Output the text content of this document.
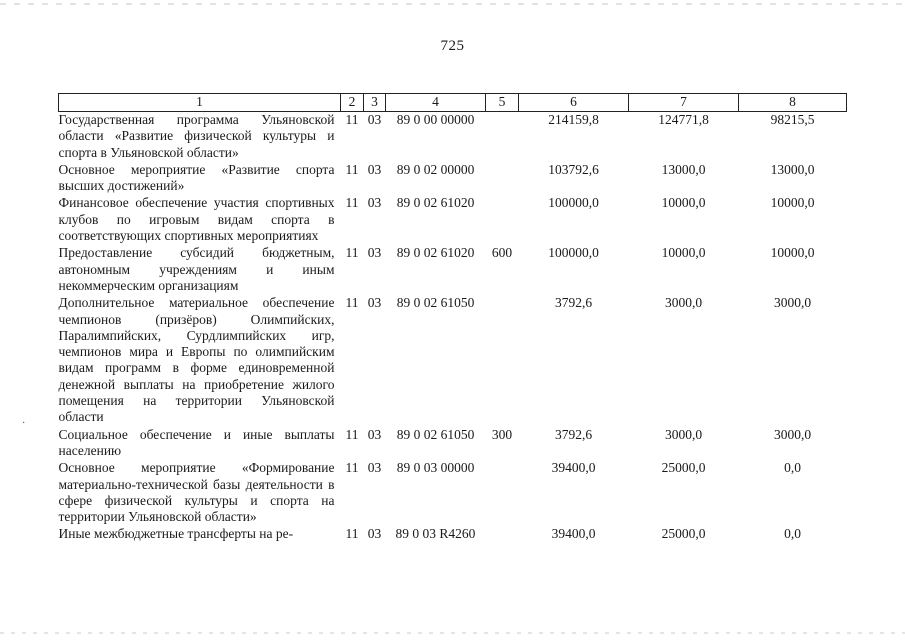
725
·
1	2	3	4	5	6	7	8
Государственная программа Ульяновской области «Развитие физической культуры и спорта в Ульяновской области»	11	03	89 0 00 00000		214159,8	124771,8	98215,5
Основное мероприятие «Развитие спорта высших достижений»	11	03	89 0 02 00000		103792,6	13000,0	13000,0
Финансовое обеспечение участия спортивных клубов по игровым видам спорта в соответствующих спортивных мероприятиях	11	03	89 0 02 61020		100000,0	10000,0	10000,0
Предоставление субсидий бюджетным, автономным учреждениям и иным некоммерческим организациям	11	03	89 0 02 61020	600	100000,0	10000,0	10000,0
Дополнительное материальное обеспечение чемпионов (призёров) Олимпийских, Паралимпийских, Сурдлимпийских игр, чемпионов мира и Европы по олимпийским видам программ в форме единовременной денежной выплаты на приобретение жилого помещения на территории Ульяновской области	11	03	89 0 02 61050		3792,6	3000,0	3000,0
Социальное обеспечение и иные выплаты населению	11	03	89 0 02 61050	300	3792,6	3000,0	3000,0
Основное мероприятие «Формирование материально-технической базы деятельности в сфере физической культуры и спорта на территории Ульяновской области»	11	03	89 0 03 00000		39400,0	25000,0	0,0
Иные межбюджетные трансферты на ре-	11	03	89 0 03 R4260		39400,0	25000,0	0,0
